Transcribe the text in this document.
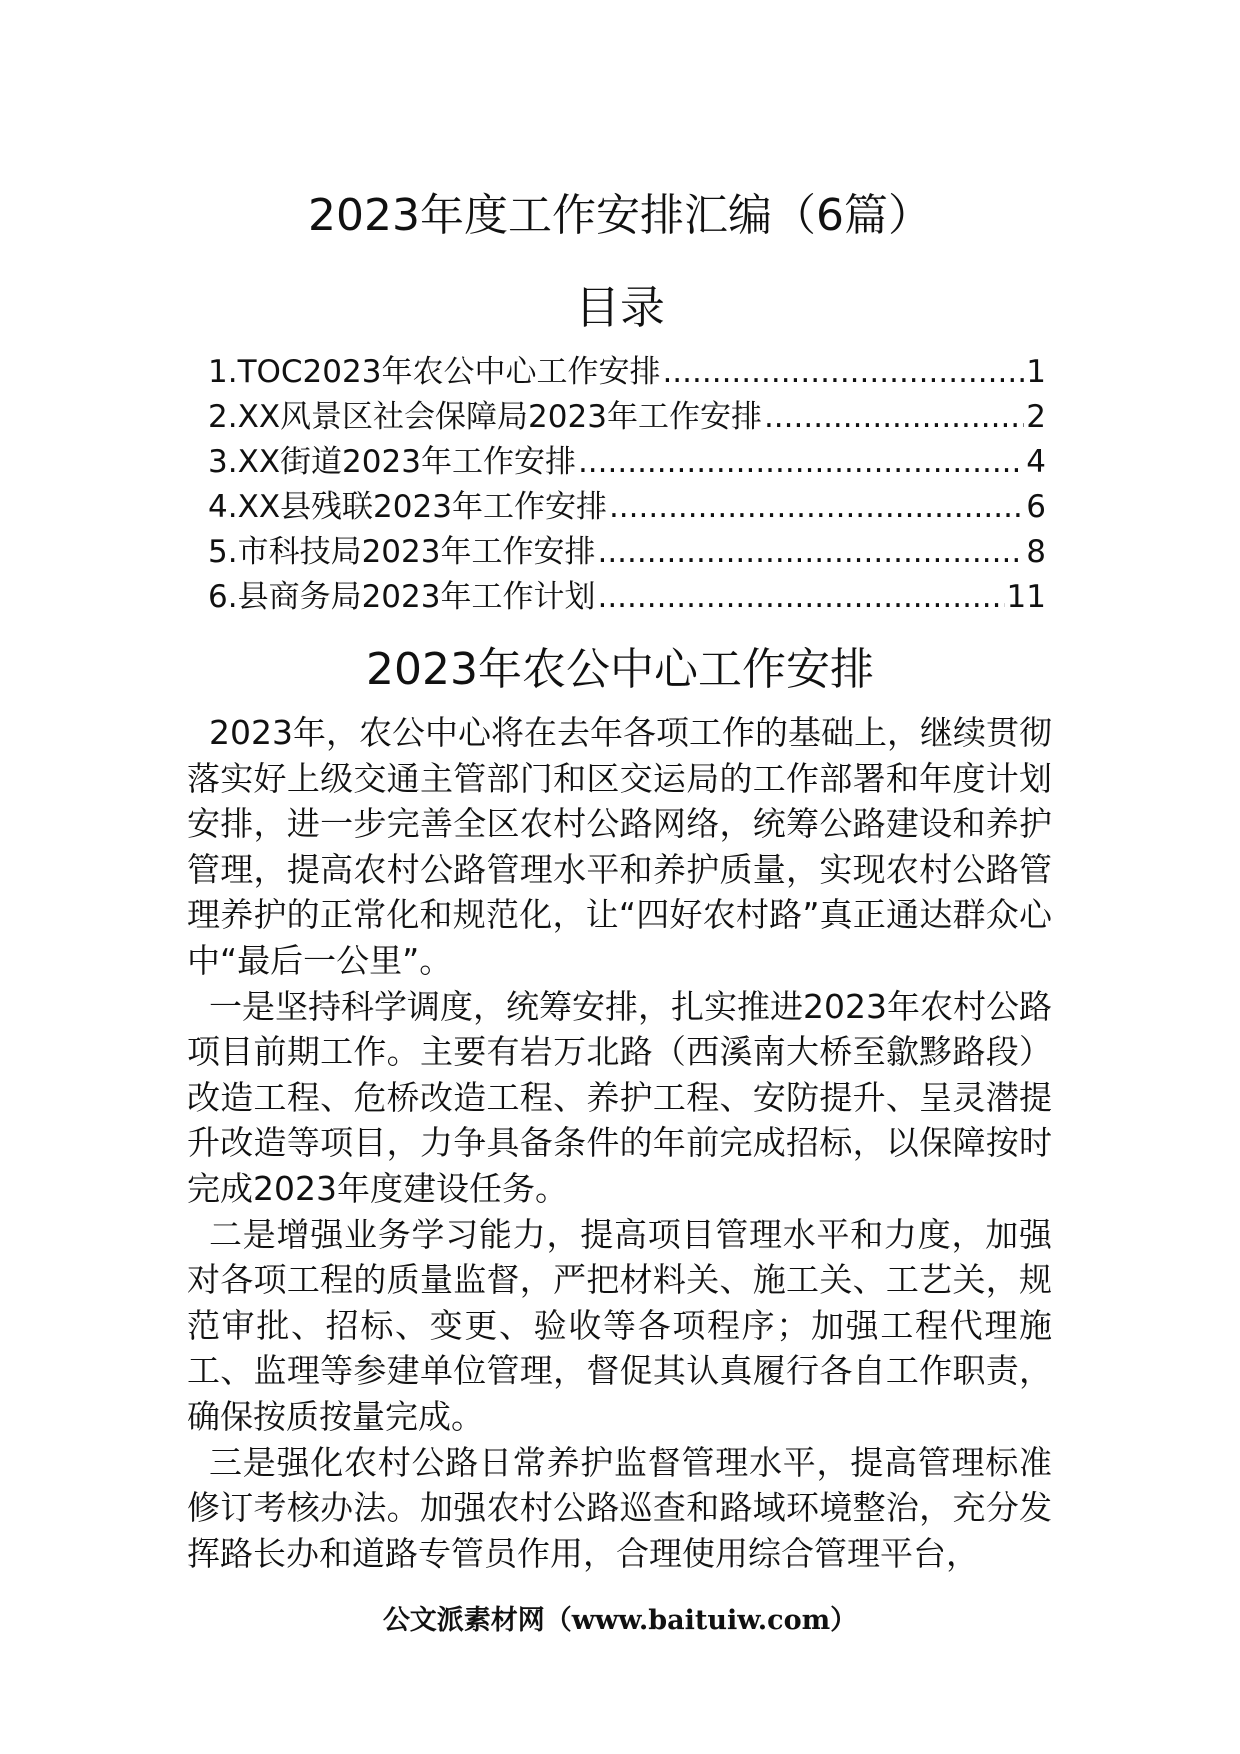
2023年度工作安排汇编（6篇）
目录
1.TOC2023年农公中心工作安排 .....	1
2.XX风景区社会保障局2023年工作安排 .....	2
3.XX街道2023年工作安排 .....	4
4.XX县残联2023年工作安排 .....	6
5.市科技局2023年工作安排 .....	8
6.县商务局2023年工作计划 .....	11
2023年农公中心工作安排

2023年，农公中心将在去年各项工作的基础上，继续贯彻落实好上级交通主管部门和区交运局的工作部署和年度计划安排，进一步完善全区农村公路网络，统筹公路建设和养护管理，提高农村公路管理水平和养护质量，实现农村公路管理养护的正常化和规范化，让“四好农村路”真正通达群众心中“最后一公里”。

一是坚持科学调度，统筹安排，扎实推进2023年农村公路项目前期工作。主要有岩万北路（西溪南大桥至歙黟路段）改造工程、危桥改造工程、养护工程、安防提升、呈灵潜提升改造等项目，力争具备条件的年前完成招标，以保障按时完成2023年度建设任务。

二是增强业务学习能力，提高项目管理水平和力度，加强对各项工程的质量监督，严把材料关、施工关、工艺关，规范审批、招标、变更、验收等各项程序；加强工程代理施工、监理等参建单位管理，督促其认真履行各自工作职责，确保按质按量完成。

三是强化农村公路日常养护监督管理水平，提高管理标准修订考核办法。加强农村公路巡查和路域环境整治，充分发挥路长办和道路专管员作用，合理使用综合管理平台，

公文派素材网（www.baituiw.com）
